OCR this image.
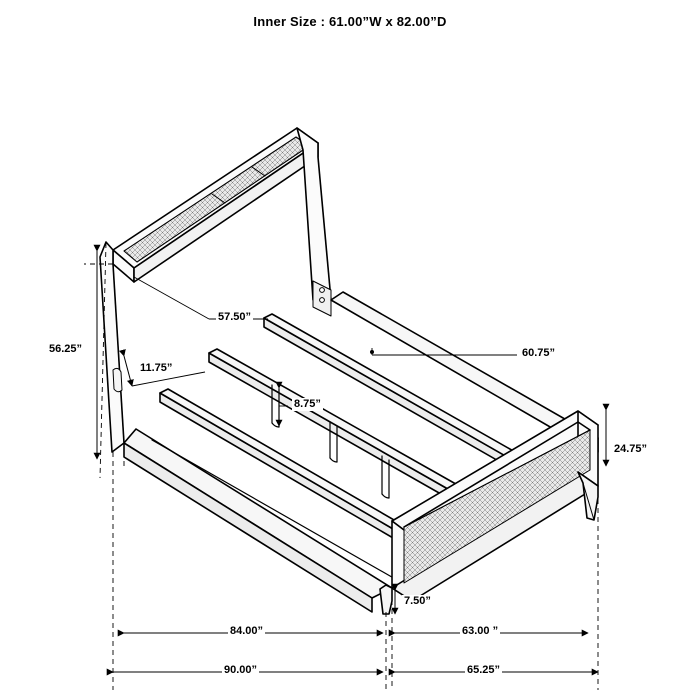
Inner Size : 61.00”W x 82.00”D
56.25”
57.50”
11.75”
8.75”
60.75”
24.75”
7.50”
84.00”	63.00 ”
90.00”	65.25”
